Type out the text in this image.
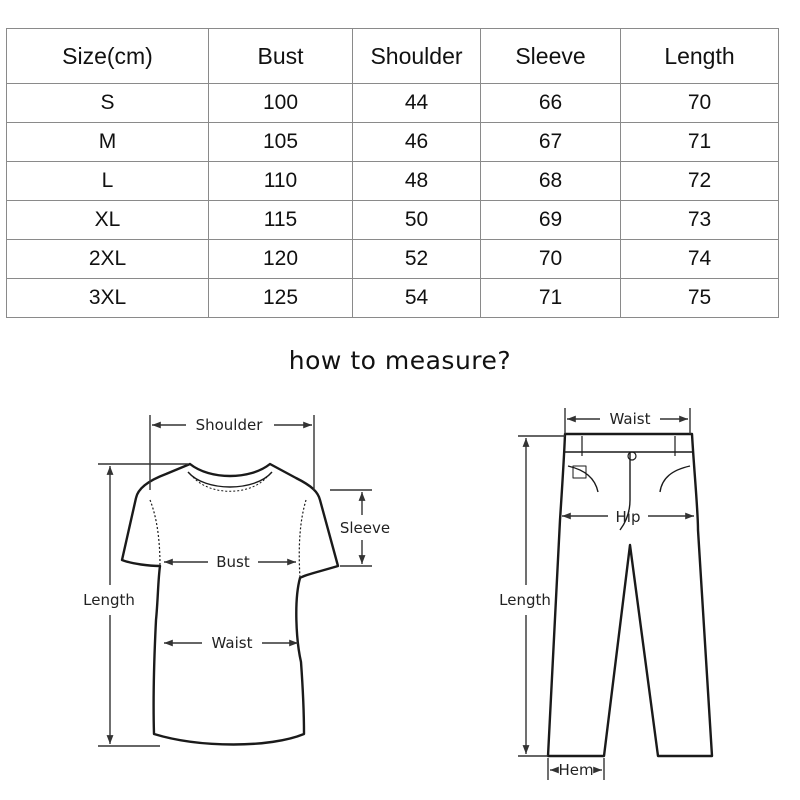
Size(cm)	Bust	Shoulder	Sleeve	Length
S	100	44	66	70
M	105	46	67	71
L	110	48	68	72
XL	115	50	69	73
2XL	120	52	70	74
3XL	125	54	71	75
how to measure?
Shoulder
Sleeve
Bust
Length
Waist
Waist
Hip
Length
Hem
